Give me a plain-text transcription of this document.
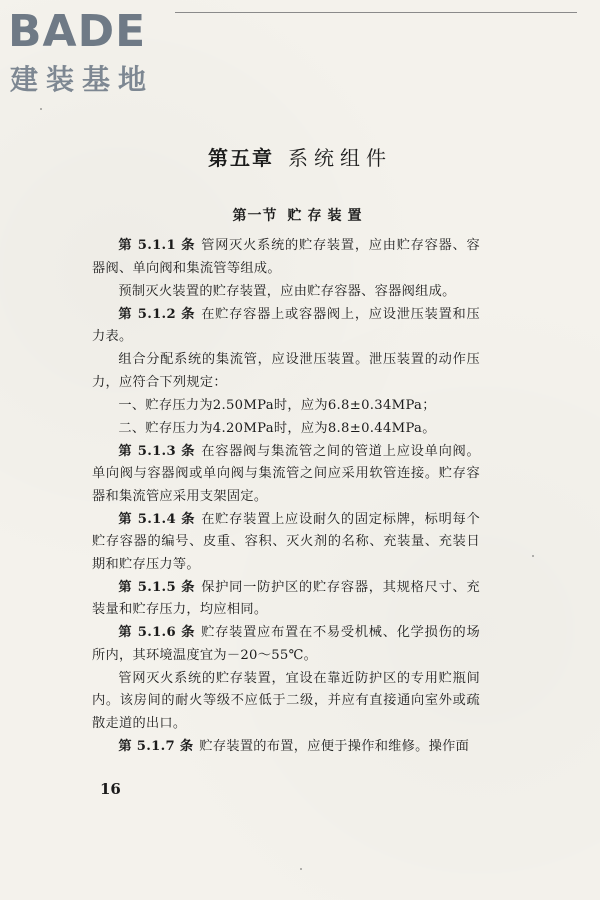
BADE
建装基地
第五章 系统组件
第一节 贮存装置

第 5.1.1 条 管网灭火系统的贮存装置，应由贮存容器、容器阀、单向阀和集流管等组成。

预制灭火装置的贮存装置，应由贮存容器、容器阀组成。

第 5.1.2 条 在贮存容器上或容器阀上，应设泄压装置和压力表。

组合分配系统的集流管，应设泄压装置。泄压装置的动作压力，应符合下列规定：

一、贮存压力为2.50MPa时，应为6.8±0.34MPa；

二、贮存压力为4.20MPa时，应为8.8±0.44MPa。

第 5.1.3 条 在容器阀与集流管之间的管道上应设单向阀。单向阀与容器阀或单向阀与集流管之间应采用软管连接。贮存容器和集流管应采用支架固定。

第 5.1.4 条 在贮存装置上应设耐久的固定标牌，标明每个贮存容器的编号、皮重、容积、灭火剂的名称、充装量、充装日期和贮存压力等。

第 5.1.5 条 保护同一防护区的贮存容器，其规格尺寸、充装量和贮存压力，均应相同。

第 5.1.6 条 贮存装置应布置在不易受机械、化学损伤的场所内，其环境温度宜为－20～55℃。

管网灭火系统的贮存装置，宜设在靠近防护区的专用贮瓶间内。该房间的耐火等级不应低于二级，并应有直接通向室外或疏散走道的出口。

第 5.1.7 条 贮存装置的布置，应便于操作和维修。操作面

16
